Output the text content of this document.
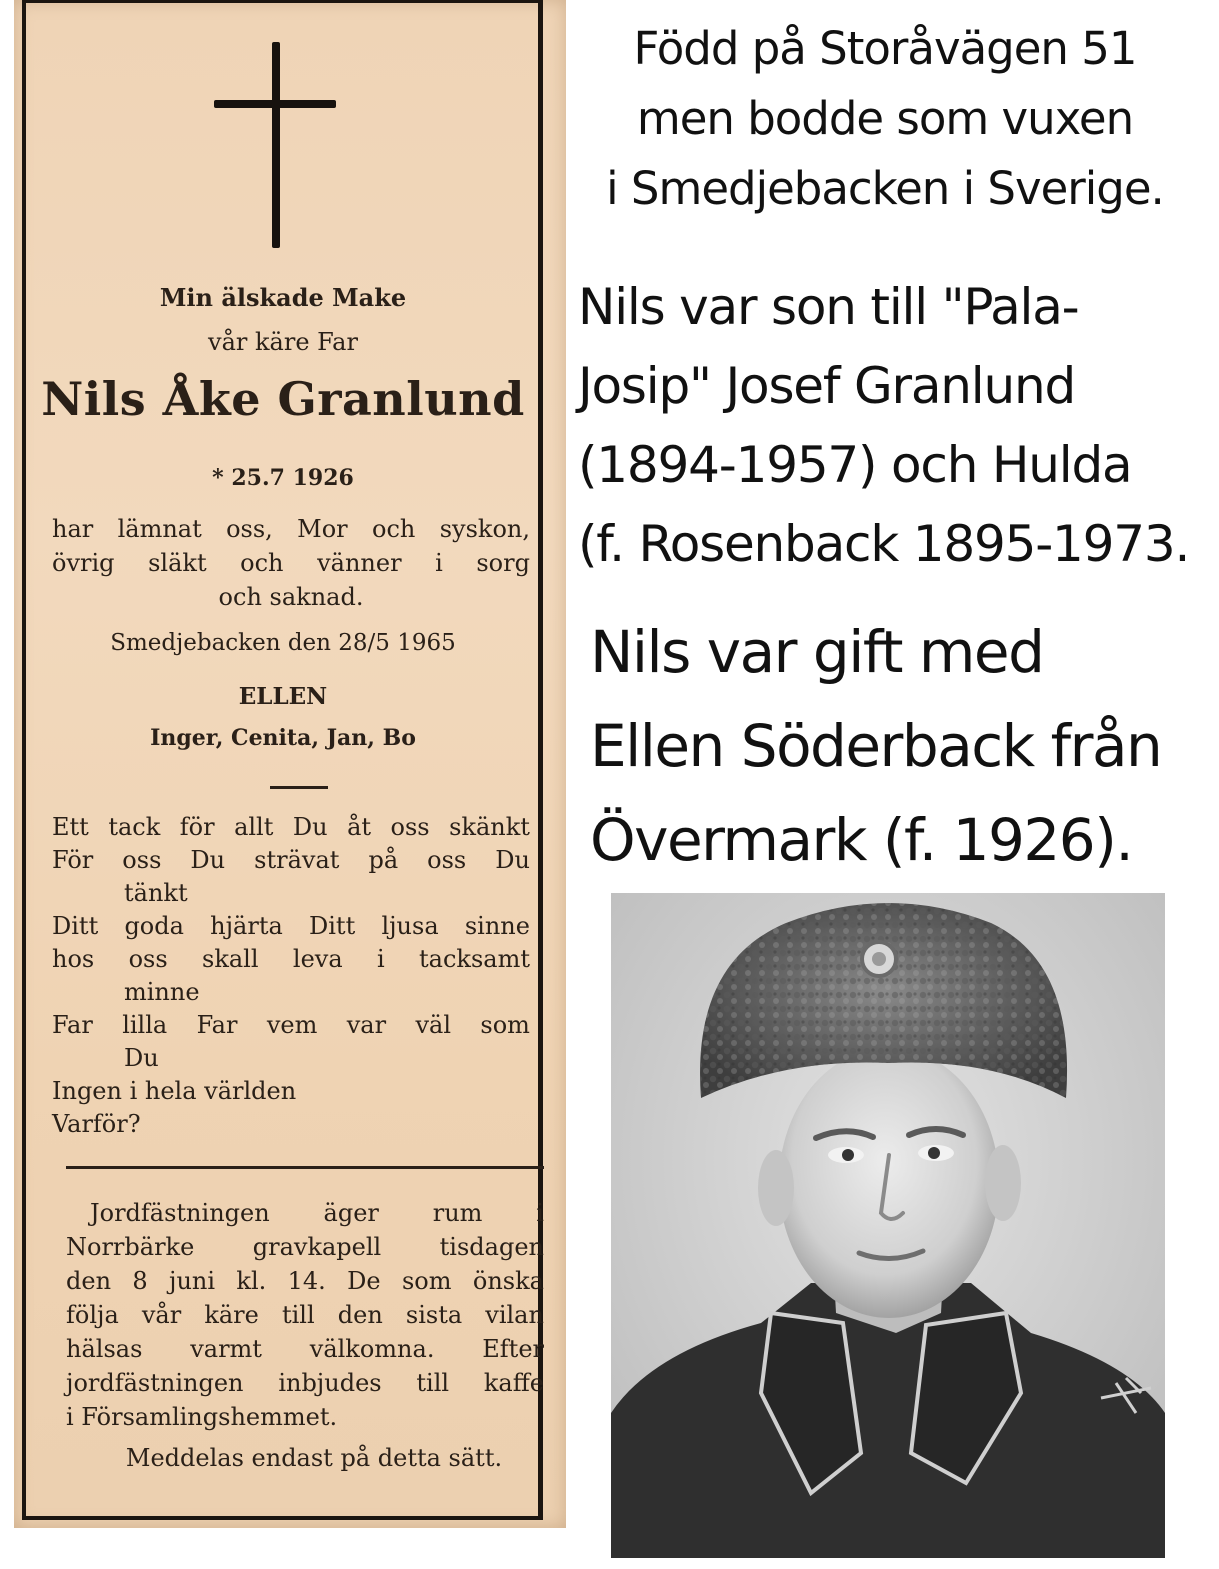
Min älskade Make
vår käre Far
Nils Åke Granlund
* 25.7 1926
har lämnat oss, Mor och syskon,
övrig släkt och vänner i sorg
och saknad.
Smedjebacken den 28/5 1965
ELLEN
Inger, Cenita, Jan, Bo
Ett tack för allt Du åt oss skänkt
För oss Du strävat på oss Du
tänkt
Ditt goda hjärta Ditt ljusa sinne
hos oss skall leva i tacksamt
minne
Far lilla Far vem var väl som
Du
Ingen i hela världen
Varför?
Jordfästningen äger rum i
Norrbärke gravkapell tisdagen
den 8 juni kl. 14. De som önska
följa vår käre till den sista vilan
hälsas varmt välkomna. Efter
jordfästningen inbjudes till kaffe
i Församlingshemmet.
Meddelas endast på detta sätt.
Född på Storåvägen 51
men bodde som vuxen
i Smedjebacken i Sverige.
Nils var son till "Pala-
Josip" Josef Granlund
(1894-1957) och Hulda
(f. Rosenback 1895-1973.
Nils var gift med
Ellen Söderback från
Övermark (f. 1926).
